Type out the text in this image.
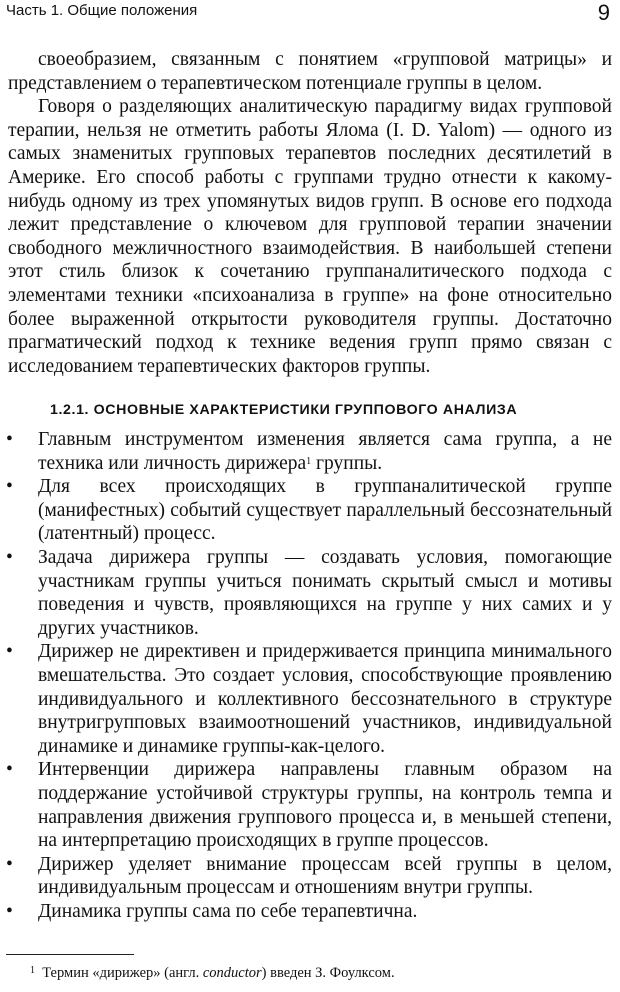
Часть 1. Общие положения	9

своеобразием, связанным с понятием «групповой матрицы» и представлением о терапевтическом потенциале группы в целом.

Говоря о разделяющих аналитическую парадигму видах групповой терапии, нельзя не отметить работы Ялома (I. D. Yalom) — одного из самых знаменитых групповых терапевтов последних десятилетий в Америке. Его способ работы с группами трудно отнести к какому-нибудь одному из трех упомянутых видов групп. В основе его подхода лежит представление о ключевом для групповой терапии значении свободного межличностного взаимодействия. В наибольшей степени этот стиль близок к сочетанию группаналитического подхода с элементами техники «психоанализа в группе» на фоне относительно более выраженной открытости руководителя группы. Достаточно прагматический подход к технике ведения групп прямо связан с исследованием терапевтических факторов группы.

1.2.1. ОСНОВНЫЕ ХАРАКТЕРИСТИКИ ГРУППОВОГО АНАЛИЗА
• Главным инструментом изменения является сама группа, а не техника или личность дирижера$^1$ группы.
• Для всех происходящих в группаналитической группе (манифестных) событий существует параллельный бессознательный (латентный) процесс.
• Задача дирижера группы — создавать условия, помогающие участникам группы учиться понимать скрытый смысл и мотивы поведения и чувств, проявляющихся на группе у них самих и у других участников.
• Дирижер не директивен и придерживается принципа минимального вмешательства. Это создает условия, способствующие проявлению индивидуального и коллективного бессознательного в структуре внутригрупповых взаимоотношений участников, индивидуальной динамике и динамике группы-как-целого.
• Интервенции дирижера направлены главным образом на поддержание устойчивой структуры группы, на контроль темпа и направления движения группового процесса и, в меньшей степени, на интерпретацию происходящих в группе процессов.
• Дирижер уделяет внимание процессам всей группы в целом, индивидуальным процессам и отношениям внутри группы.
• Динамика группы сама по себе терапевтична.
$^1$ Термин «дирижер» (англ. conductor) введен З. Фоулксом.
